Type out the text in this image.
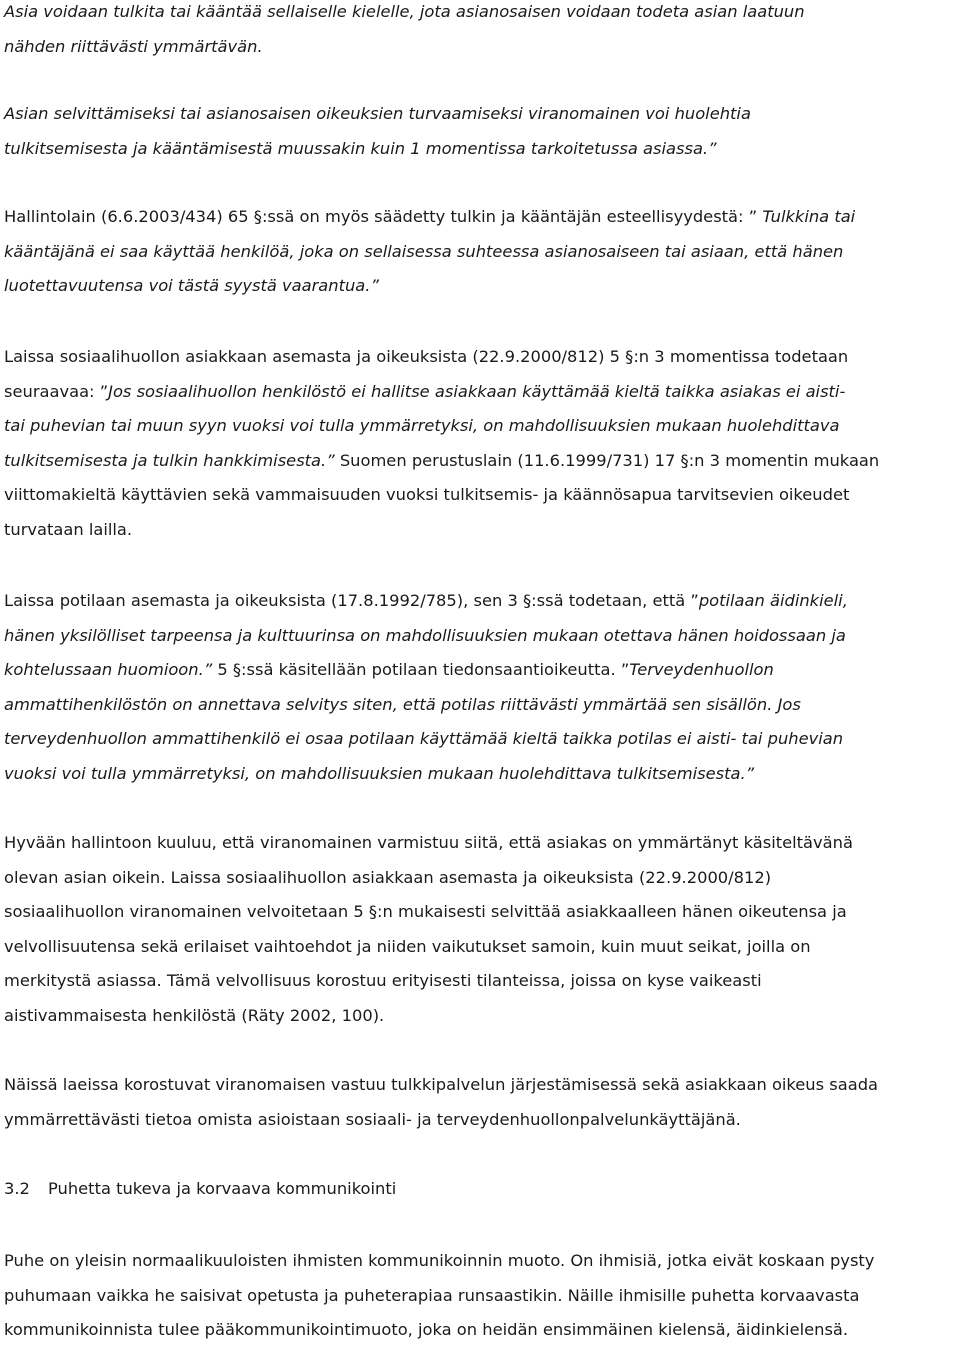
Asia voidaan tulkita tai kääntää sellaiselle kielelle, jota asianosaisen voidaan todeta asian laatuun
nähden riittävästi ymmärtävän.
Asian selvittämiseksi tai asianosaisen oikeuksien turvaamiseksi viranomainen voi huolehtia
tulkitsemisesta ja kääntämisestä muussakin kuin 1 momentissa tarkoitetussa asiassa.”
Hallintolain (6.6.2003/434) 65 §:ssä on myös säädetty tulkin ja kääntäjän esteellisyydestä: ” Tulkkina tai
kääntäjänä ei saa käyttää henkilöä, joka on sellaisessa suhteessa asianosaiseen tai asiaan, että hänen
luotettavuutensa voi tästä syystä vaarantua.”
Laissa sosiaalihuollon asiakkaan asemasta ja oikeuksista (22.9.2000/812) 5 §:n 3 momentissa todetaan
seuraavaa: ”Jos sosiaalihuollon henkilöstö ei hallitse asiakkaan käyttämää kieltä taikka asiakas ei aisti-
tai puhevian tai muun syyn vuoksi voi tulla ymmärretyksi, on mahdollisuuksien mukaan huolehdittava
tulkitsemisesta ja tulkin hankkimisesta.” Suomen perustuslain (11.6.1999/731) 17 §:n 3 momentin mukaan
viittomakieltä käyttävien sekä vammaisuuden vuoksi tulkitsemis- ja käännösapua tarvitsevien oikeudet
turvataan lailla.
Laissa potilaan asemasta ja oikeuksista (17.8.1992/785), sen 3 §:ssä todetaan, että ”potilaan äidinkieli,
hänen yksilölliset tarpeensa ja kulttuurinsa on mahdollisuuksien mukaan otettava hänen hoidossaan ja
kohtelussaan huomioon.” 5 §:ssä käsitellään potilaan tiedonsaantioikeutta. ”Terveydenhuollon
ammattihenkilöstön on annettava selvitys siten, että potilas riittävästi ymmärtää sen sisällön. Jos
terveydenhuollon ammattihenkilö ei osaa potilaan käyttämää kieltä taikka potilas ei aisti- tai puhevian
vuoksi voi tulla ymmärretyksi, on mahdollisuuksien mukaan huolehdittava tulkitsemisesta.”
Hyvään hallintoon kuuluu, että viranomainen varmistuu siitä, että asiakas on ymmärtänyt käsiteltävänä
olevan asian oikein. Laissa sosiaalihuollon asiakkaan asemasta ja oikeuksista (22.9.2000/812)
sosiaalihuollon viranomainen velvoitetaan 5 §:n mukaisesti selvittää asiakkaalleen hänen oikeutensa ja
velvollisuutensa sekä erilaiset vaihtoehdot ja niiden vaikutukset samoin, kuin muut seikat, joilla on
merkitystä asiassa. Tämä velvollisuus korostuu erityisesti tilanteissa, joissa on kyse vaikeasti
aistivammaisesta henkilöstä (Räty 2002, 100).
Näissä laeissa korostuvat viranomaisen vastuu tulkkipalvelun järjestämisessä sekä asiakkaan oikeus saada
ymmärrettävästi tietoa omista asioistaan sosiaali- ja terveydenhuollonpalvelunkäyttäjänä.
3.2 Puhetta tukeva ja korvaava kommunikointi
Puhe on yleisin normaalikuuloisten ihmisten kommunikoinnin muoto. On ihmisiä, jotka eivät koskaan pysty
puhumaan vaikka he saisivat opetusta ja puheterapiaa runsaastikin. Näille ihmisille puhetta korvaavasta
kommunikoinnista tulee pääkommunikointimuoto, joka on heidän ensimmäinen kielensä, äidinkielensä.
